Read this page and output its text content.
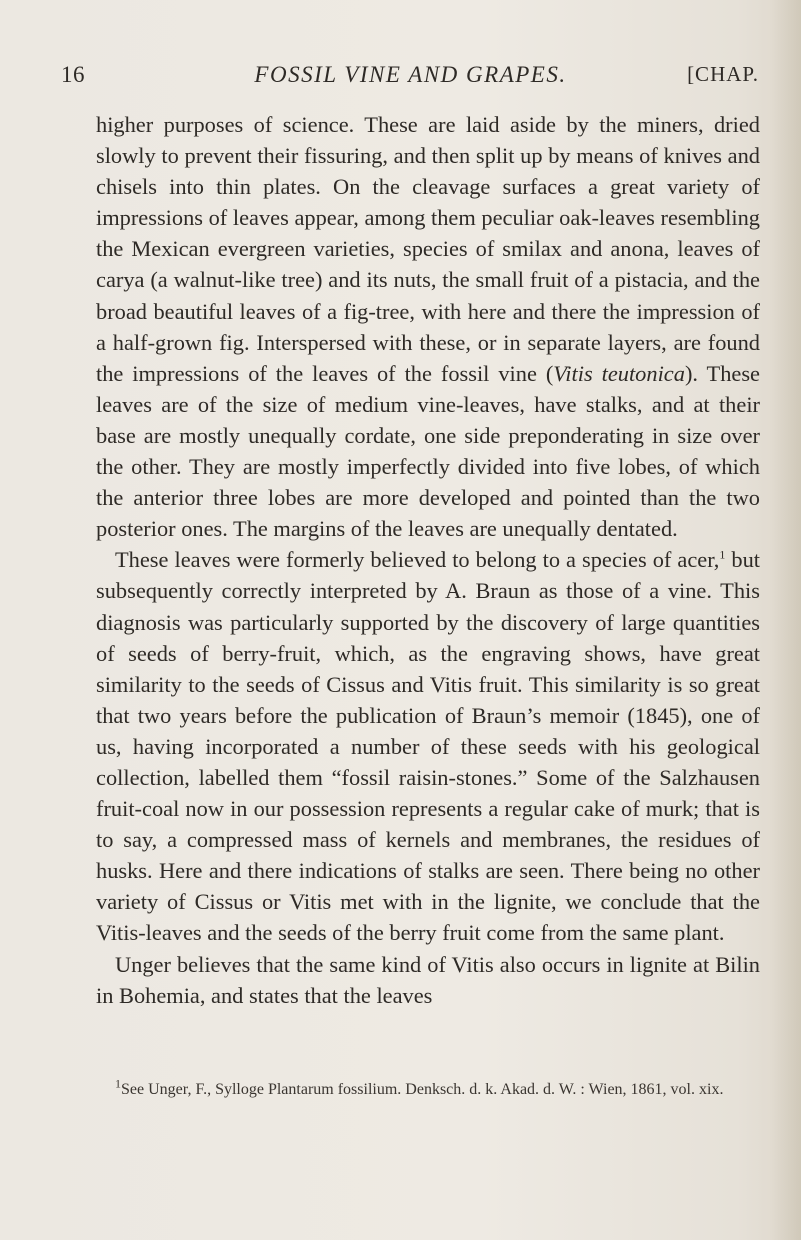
16	FOSSIL VINE AND GRAPES.	[CHAP.

higher purposes of science. These are laid aside by the miners, dried slowly to prevent their fissuring, and then split up by means of knives and chisels into thin plates. On the cleavage surfaces a great variety of impressions of leaves appear, among them peculiar oak-leaves resembling the Mexican evergreen varieties, species of smilax and anona, leaves of carya (a walnut-like tree) and its nuts, the small fruit of a pistacia, and the broad beautiful leaves of a fig-tree, with here and there the impression of a half-grown fig. Interspersed with these, or in separate layers, are found the impressions of the leaves of the fossil vine (Vitis teutonica). These leaves are of the size of medium vine-leaves, have stalks, and at their base are mostly unequally cordate, one side preponderating in size over the other. They are mostly imperfectly divided into five lobes, of which the anterior three lobes are more developed and pointed than the two posterior ones. The margins of the leaves are unequally dentated.

These leaves were formerly believed to belong to a species of acer,$^1$ but subsequently correctly interpreted by A. Braun as those of a vine. This diagnosis was particularly supported by the discovery of large quantities of seeds of berry-fruit, which, as the engraving shows, have great similarity to the seeds of Cissus and Vitis fruit. This similarity is so great that two years before the publication of Braun’s memoir (1845), one of us, having incorporated a number of these seeds with his geological collection, labelled them “fossil raisin-stones.” Some of the Salzhausen fruit-coal now in our possession represents a regular cake of murk; that is to say, a compressed mass of kernels and membranes, the residues of husks. Here and there indications of stalks are seen. There being no other variety of Cissus or Vitis met with in the lignite, we conclude that the Vitis-leaves and the seeds of the berry fruit come from the same plant.

Unger believes that the same kind of Vitis also occurs in lignite at Bilin in Bohemia, and states that the leaves

$^1$See Unger, F., Sylloge Plantarum fossilium. Denksch. d. k. Akad. d. W. : Wien, 1861, vol. xix.
